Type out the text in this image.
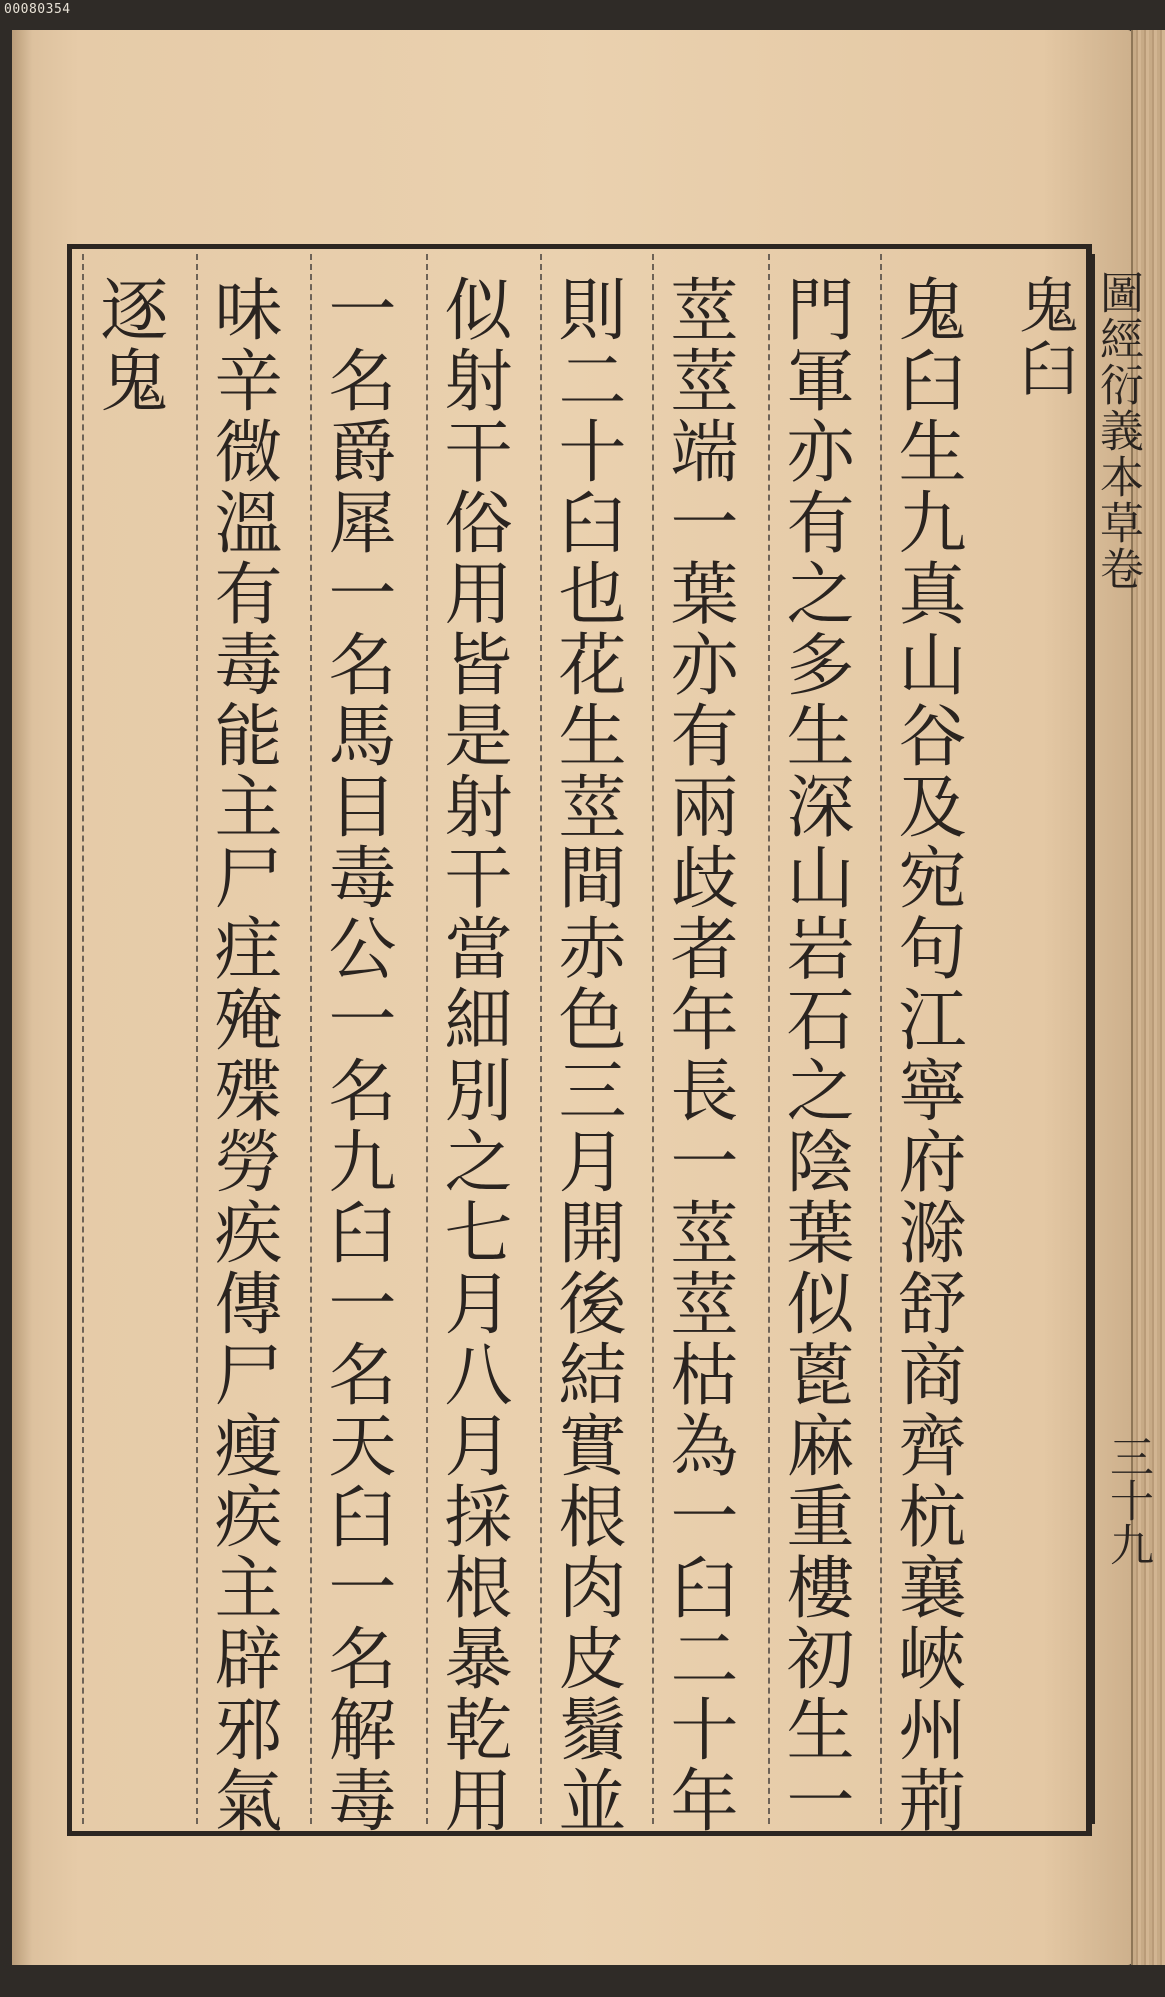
00080354
圖經衍義本草卷
三十九
鬼臼
鬼臼生九真山谷及宛句江寧府滁舒商齊杭襄峽州荊
門軍亦有之多生深山岩石之陰葉似蓖麻重樓初生一
莖莖端一葉亦有兩歧者年長一莖莖枯為一臼二十年
則二十臼也花生莖間赤色三月開後結實根肉皮鬚並
似射干俗用皆是射干當細別之七月八月採根暴乾用
一名爵犀一名馬目毒公一名九臼一名天臼一名解毒
味辛微溫有毒能主尸疰殗殜勞疾傳尸瘦疾主辟邪氣
逐鬼
